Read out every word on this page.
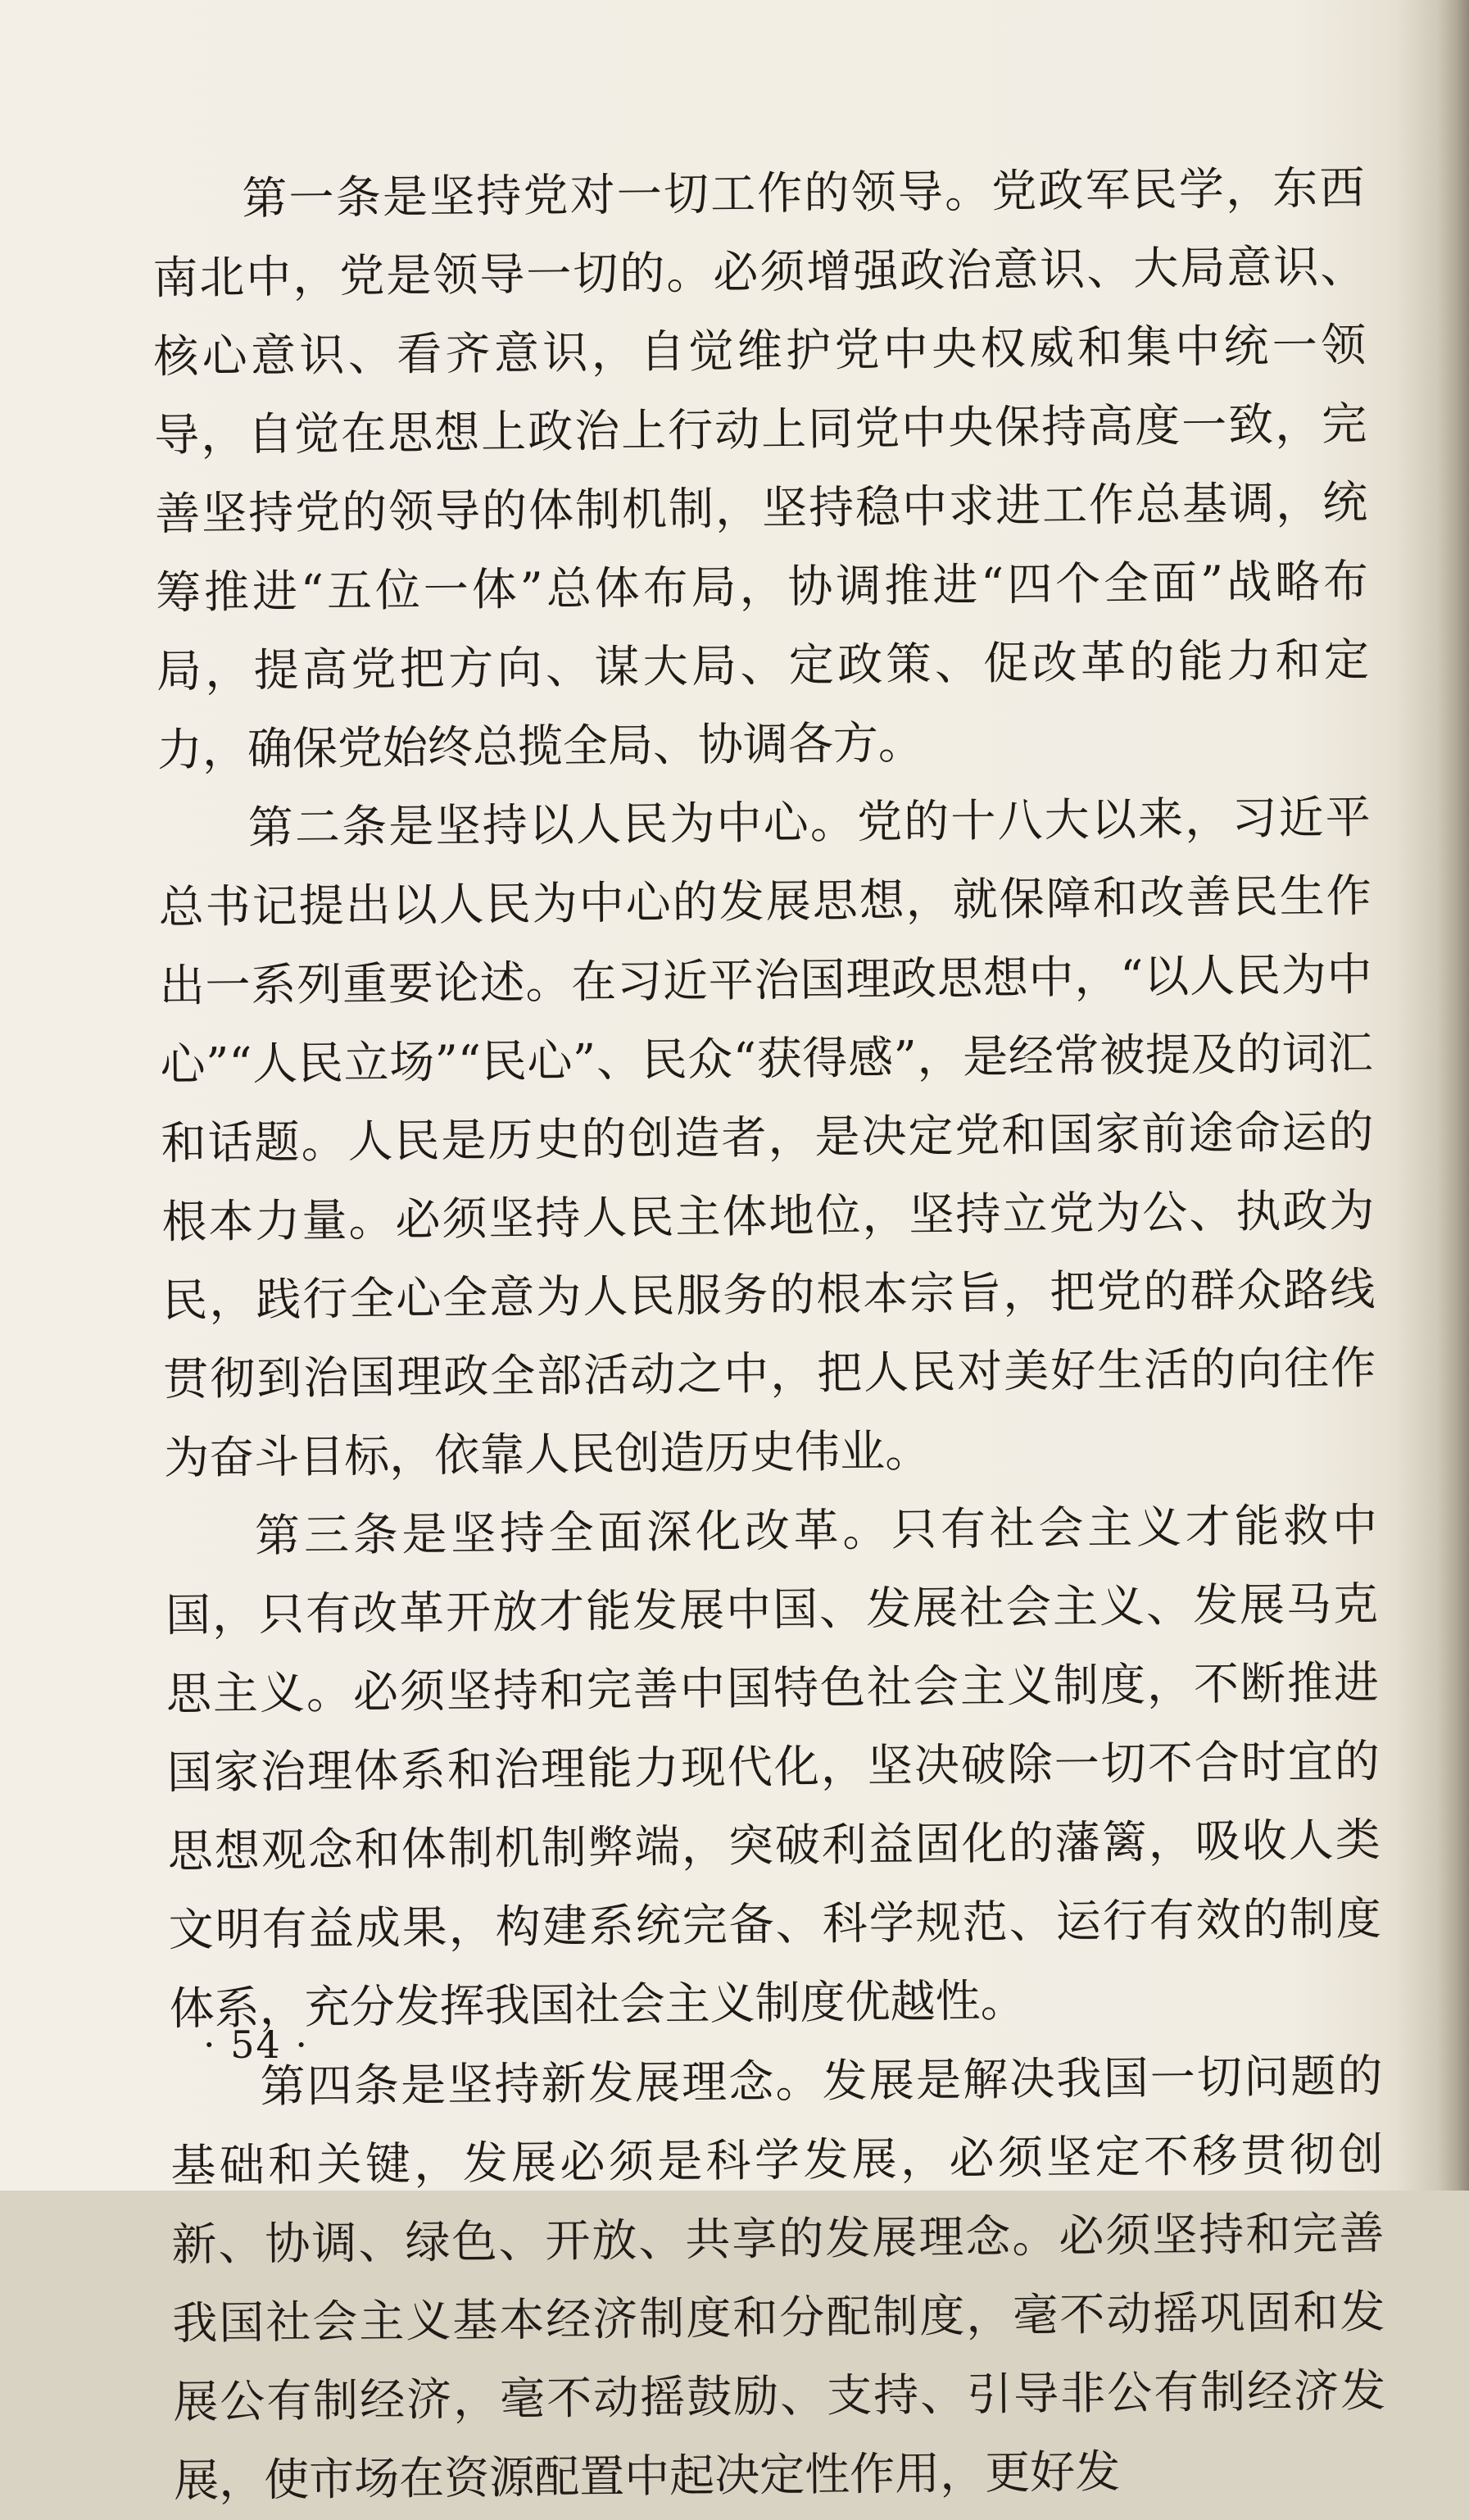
第一条是坚持党对一切工作的领导。党政军民学，东西南北中，党是领导一切的。必须增强政治意识、大局意识、核心意识、看齐意识，自觉维护党中央权威和集中统一领导，自觉在思想上政治上行动上同党中央保持高度一致，完善坚持党的领导的体制机制，坚持稳中求进工作总基调，统筹推进“五位一体”总体布局，协调推进“四个全面”战略布局，提高党把方向、谋大局、定政策、促改革的能力和定力，确保党始终总揽全局、协调各方。

第二条是坚持以人民为中心。党的十八大以来，习近平总书记提出以人民为中心的发展思想，就保障和改善民生作出一系列重要论述。在习近平治国理政思想中，“以人民为中心”“人民立场”“民心”、民众“获得感”，是经常被提及的词汇和话题。人民是历史的创造者，是决定党和国家前途命运的根本力量。必须坚持人民主体地位，坚持立党为公、执政为民，践行全心全意为人民服务的根本宗旨，把党的群众路线贯彻到治国理政全部活动之中，把人民对美好生活的向往作为奋斗目标，依靠人民创造历史伟业。

第三条是坚持全面深化改革。只有社会主义才能救中国，只有改革开放才能发展中国、发展社会主义、发展马克思主义。必须坚持和完善中国特色社会主义制度，不断推进国家治理体系和治理能力现代化，坚决破除一切不合时宜的思想观念和体制机制弊端，突破利益固化的藩篱，吸收人类文明有益成果，构建系统完备、科学规范、运行有效的制度体系，充分发挥我国社会主义制度优越性。

第四条是坚持新发展理念。发展是解决我国一切问题的基础和关键，发展必须是科学发展，必须坚定不移贯彻创新、协调、绿色、开放、共享的发展理念。必须坚持和完善我国社会主义基本经济制度和分配制度，毫不动摇巩固和发展公有制经济，毫不动摇鼓励、支持、引导非公有制经济发展，使市场在资源配置中起决定性作用，更好发

· 54 ·
